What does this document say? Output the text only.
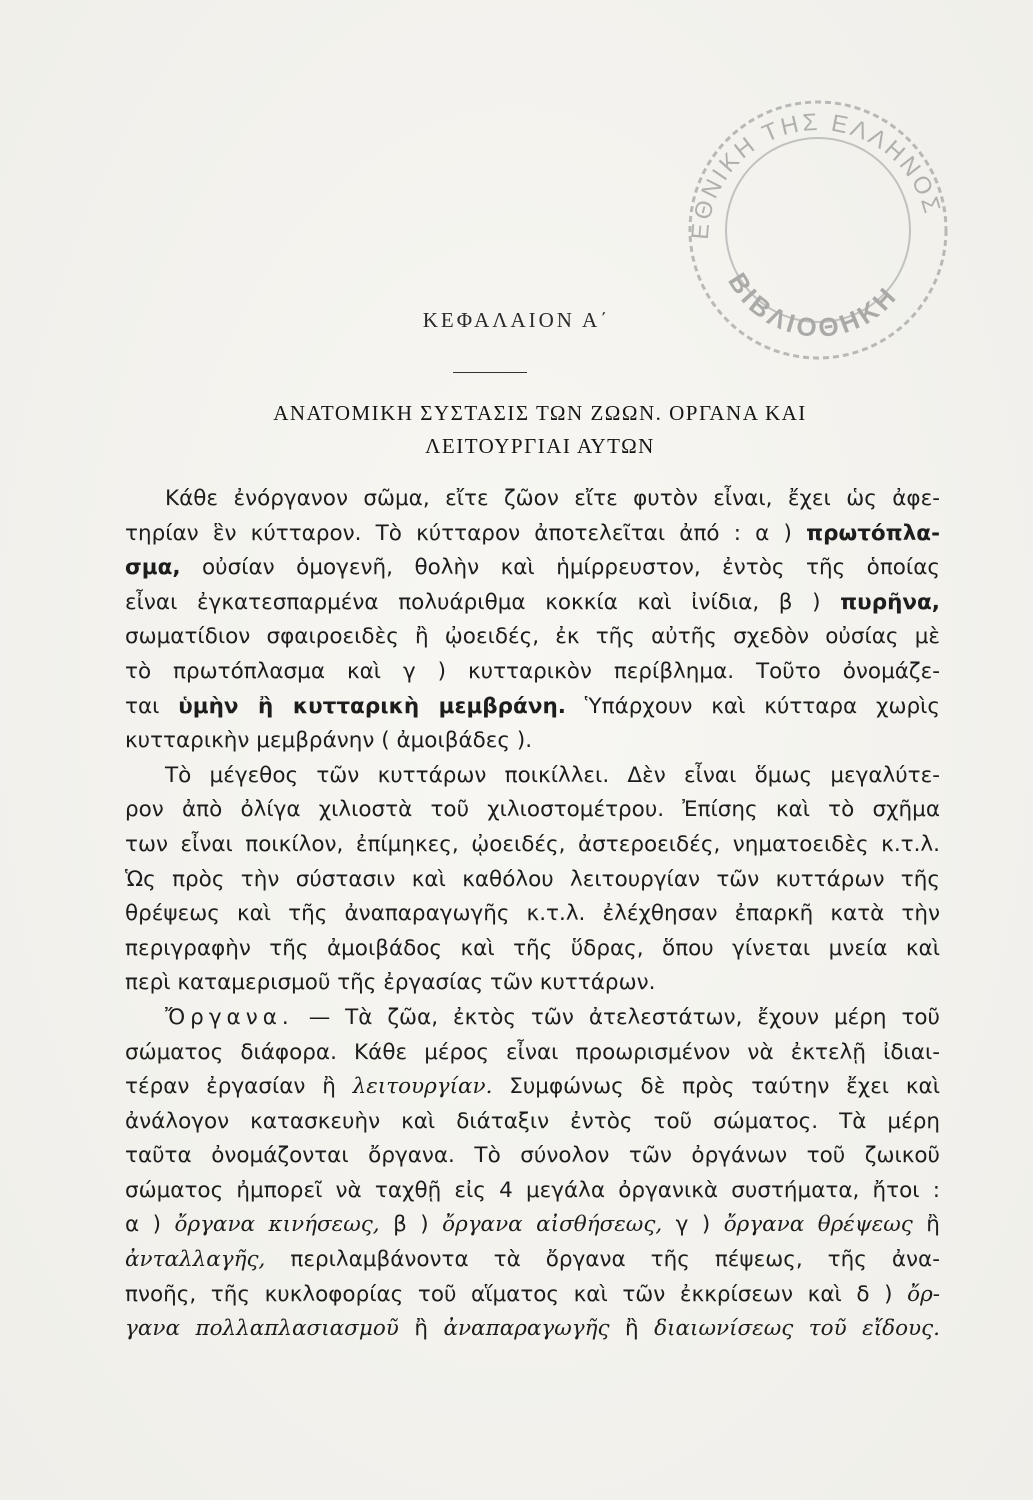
ΕΘΝΙΚΗ ΤΗΣ ΕΛΛΗΝΟΣ
ΒΙΒΛΙΟΘΗΚΗ
ΚΕΦΑΛΑΙΟΝ Α΄
ΑΝΑΤΟΜΙΚΗ ΣΥΣΤΑΣΙΣ ΤΩΝ ΖΩΩΝ. ΟΡΓΑΝΑ ΚΑΙ
ΛΕΙΤΟΥΡΓΙΑΙ ΑΥΤΩΝ
Κάθε ἐνόργανον σῶμα, εἴτε ζῶον εἴτε φυτὸν εἶναι, ἔχει ὡς ἀφε-
τηρίαν ἓν κύτταρον. Τὸ κύτταρον ἀποτελεῖται ἀπό : α ) πρωτόπλα-
σμα, οὐσίαν ὁμογενῆ, θολὴν καὶ ἡμίρρευστον, ἐντὸς τῆς ὁποίας
εἶναι ἐγκατεσπαρμένα πολυάριθμα κοκκία καὶ ἰνίδια, β ) πυρῆνα,
σωματίδιον σφαιροειδὲς ἢ ᾠοειδές, ἐκ τῆς αὐτῆς σχεδὸν οὐσίας μὲ
τὸ πρωτόπλασμα καὶ γ ) κυτταρικὸν περίβλημα. Τοῦτο ὀνομάζε-
ται ὑμὴν ἢ κυτταρικὴ μεμβράνη. Ὑπάρχουν καὶ κύτταρα χωρὶς
κυτταρικὴν μεμβράνην ( ἀμοιβάδες ).
Τὸ μέγεθος τῶν κυττάρων ποικίλλει. Δὲν εἶναι ὅμως μεγαλύτε-
ρον ἀπὸ ὀλίγα χιλιοστὰ τοῦ χιλιοστομέτρου. Ἐπίσης καὶ τὸ σχῆμα
των εἶναι ποικίλον, ἐπίμηκες, ᾠοειδές, ἀστεροειδές, νηματοειδὲς κ.τ.λ.
Ὡς πρὸς τὴν σύστασιν καὶ καθόλου λειτουργίαν τῶν κυττάρων τῆς
θρέψεως καὶ τῆς ἀναπαραγωγῆς κ.τ.λ. ἐλέχθησαν ἐπαρκῆ κατὰ τὴν
περιγραφὴν τῆς ἀμοιβάδος καὶ τῆς ὕδρας, ὅπου γίνεται μνεία καὶ
περὶ καταμερισμοῦ τῆς ἐργασίας τῶν κυττάρων.
Ὄργανα. — Τὰ ζῶα, ἐκτὸς τῶν ἀτελεστάτων, ἔχουν μέρη τοῦ
σώματος διάφορα. Κάθε μέρος εἶναι προωρισμένον νὰ ἐκτελῇ ἰδιαι-
τέραν ἐργασίαν ἢ λειτουργίαν. Συμφώνως δὲ πρὸς ταύτην ἔχει καὶ
ἀνάλογον κατασκευὴν καὶ διάταξιν ἐντὸς τοῦ σώματος. Τὰ μέρη
ταῦτα ὀνομάζονται ὄργανα. Τὸ σύνολον τῶν ὀργάνων τοῦ ζωικοῦ
σώματος ἠμπορεῖ νὰ ταχθῇ εἰς 4 μεγάλα ὀργανικὰ συστήματα, ἤτοι :
α ) ὄργανα κινήσεως, β ) ὄργανα αἰσθήσεως, γ ) ὄργανα θρέψεως ἢ
ἀνταλλαγῆς, περιλαμβάνοντα τὰ ὄργανα τῆς πέψεως, τῆς ἀνα-
πνοῆς, τῆς κυκλοφορίας τοῦ αἵματος καὶ τῶν ἐκκρίσεων καὶ δ ) ὄρ-
γανα πολλαπλασιασμοῦ ἢ ἀναπαραγωγῆς ἢ διαιωνίσεως τοῦ εἴδους.
